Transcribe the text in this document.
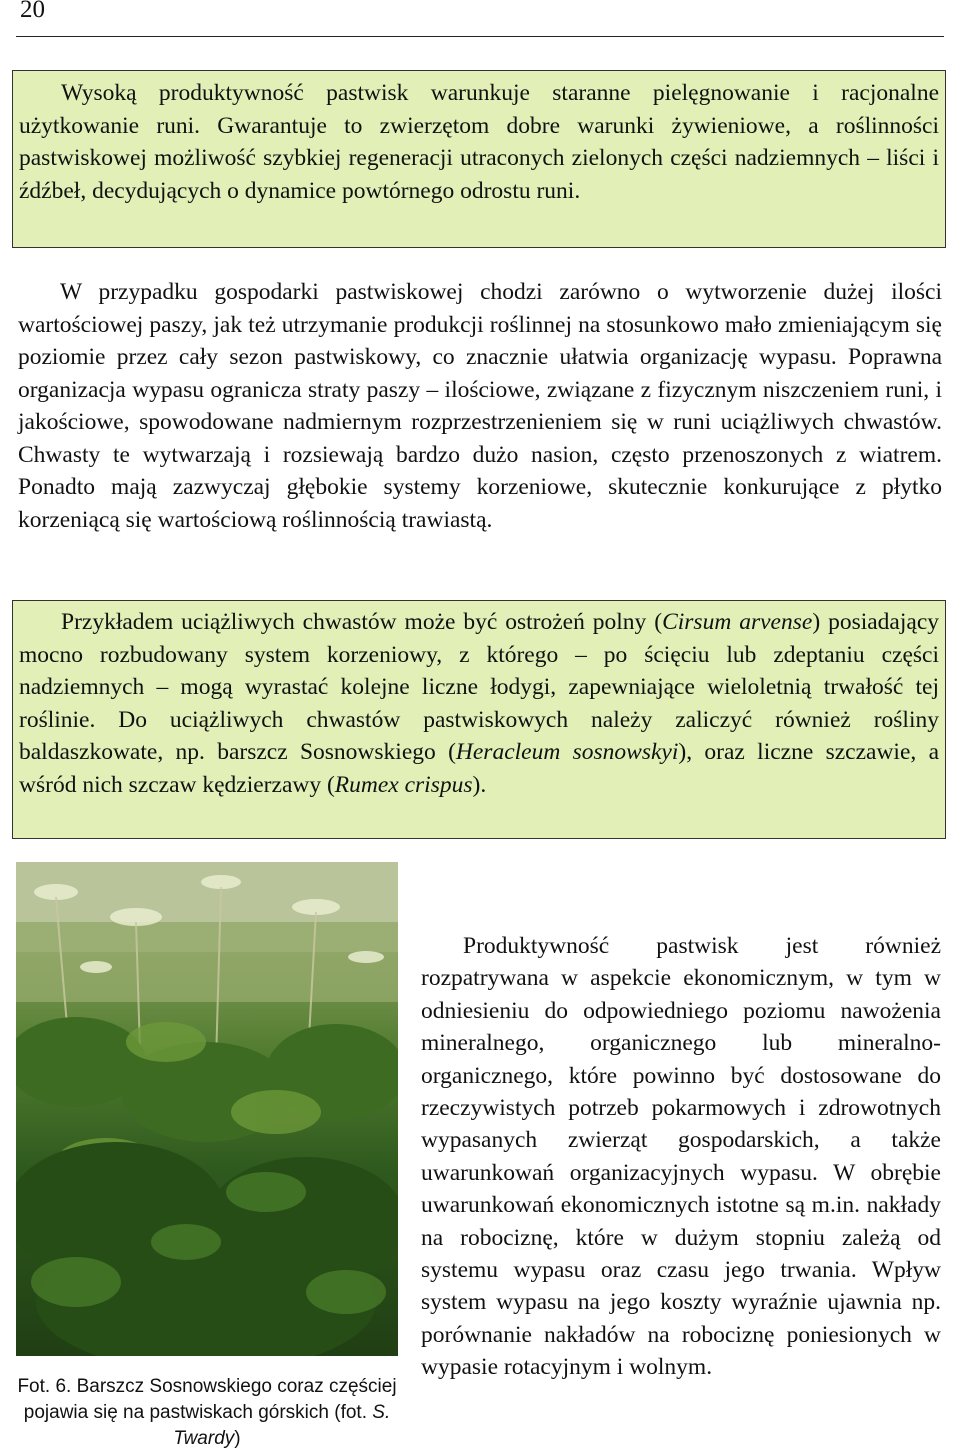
20

Wysoką produktywność pastwisk warunkuje staranne pielęgnowanie i racjonalne użytkowanie runi. Gwarantuje to zwierzętom dobre warunki żywieniowe, a roślinności pastwiskowej możliwość szybkiej regeneracji utraconych zielonych części nadziemnych – liści i źdźbeł, decydujących o dynamice powtórnego odrostu runi.

W przypadku gospodarki pastwiskowej chodzi zarówno o wytworzenie dużej ilości wartościowej paszy, jak też utrzymanie produkcji roślinnej na stosunkowo mało zmieniającym się poziomie przez cały sezon pastwiskowy, co znacznie ułatwia organizację wypasu. Poprawna organizacja wypasu ogranicza straty paszy – ilościowe, związane z fizycznym niszczeniem runi, i jakościowe, spowodowane nadmiernym rozprzestrzenieniem się w runi uciążliwych chwastów. Chwasty te wytwarzają i rozsiewają bardzo dużo nasion, często przenoszonych z wiatrem. Ponadto mają zazwyczaj głębokie systemy korzeniowe, skutecznie konkurujące z płytko korzeniącą się wartościową roślinnością trawiastą.

Przykładem uciążliwych chwastów może być ostrożeń polny (Cirsum arvense) posiadający mocno rozbudowany system korzeniowy, z którego – po ścięciu lub zdeptaniu części nadziemnych – mogą wyrastać kolejne liczne łodygi, zapewniające wieloletnią trwałość tej roślinie. Do uciążliwych chwastów pastwiskowych należy zaliczyć również rośliny baldaszkowate, np. barszcz Sosnowskiego (Heracleum sosnowskyi), oraz liczne szczawie, a wśród nich szczaw kędzierzawy (Rumex crispus).

Fot. 6. Barszcz Sosnowskiego coraz częściej pojawia się na pastwiskach górskich (fot. S. Twardy)

Produktywność pastwisk jest również rozpatrywana w aspekcie ekonomicznym, w tym w odniesieniu do odpowiedniego poziomu nawożenia mineralnego, organicznego lub mineralno-organicznego, które powinno być dostosowane do rzeczywistych potrzeb pokarmowych i zdrowotnych wypasanych zwierząt gospodarskich, a także uwarunkowań organizacyjnych wypasu. W obrębie uwarunkowań ekonomicznych istotne są m.in. nakłady na robociznę, które w dużym stopniu zależą od systemu wypasu oraz czasu jego trwania. Wpływ system wypasu na jego koszty wyraźnie ujawnia np. porównanie nakładów na robociznę poniesionych w wypasie rotacyjnym i wolnym.
